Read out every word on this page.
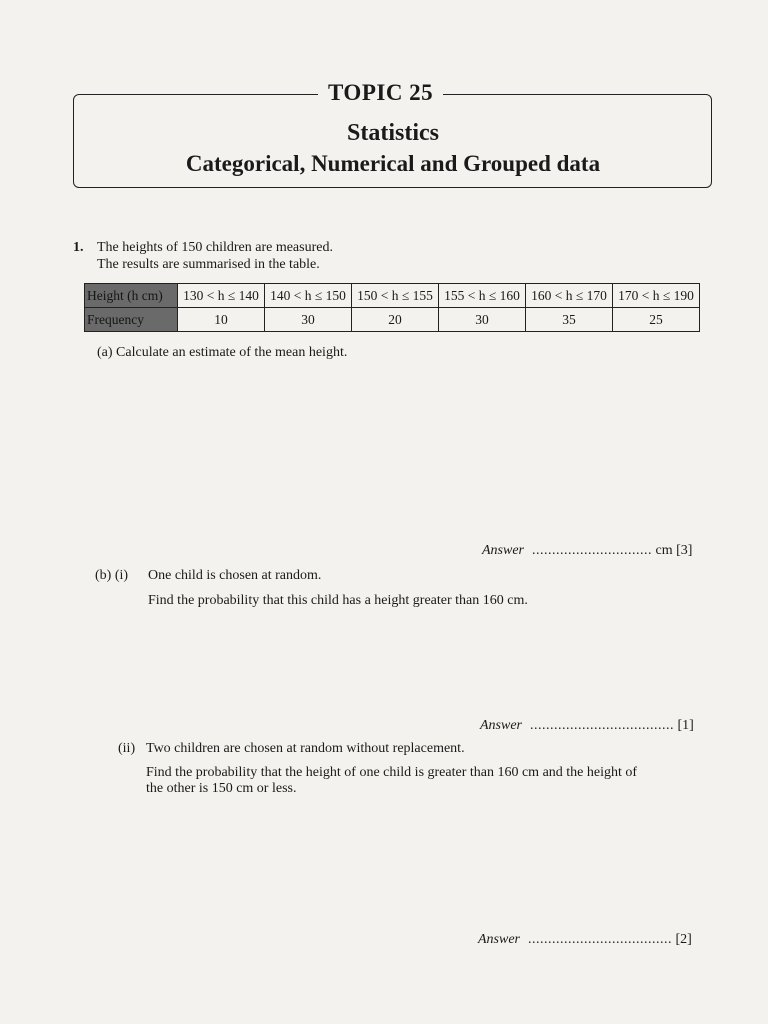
TOPIC 25
Statistics
Categorical, Numerical and Grouped data
1. The heights of 150 children are measured.
The results are summarised in the table.
Height (h cm)	130 < h ≤ 140	140 < h ≤ 150	150 < h ≤ 155	155 < h ≤ 160	160 < h ≤ 170	170 < h ≤ 190
Frequency	10	30	20	30	35	25
(a) Calculate an estimate of the mean height.
Answer .............................. cm [3]
(b) (i) One child is chosen at random.
Find the probability that this child has a height greater than 160 cm.
Answer .................................... [1]
(ii) Two children are chosen at random without replacement.
Find the probability that the height of one child is greater than 160 cm and the height of
the other is 150 cm or less.
Answer .................................... [2]
